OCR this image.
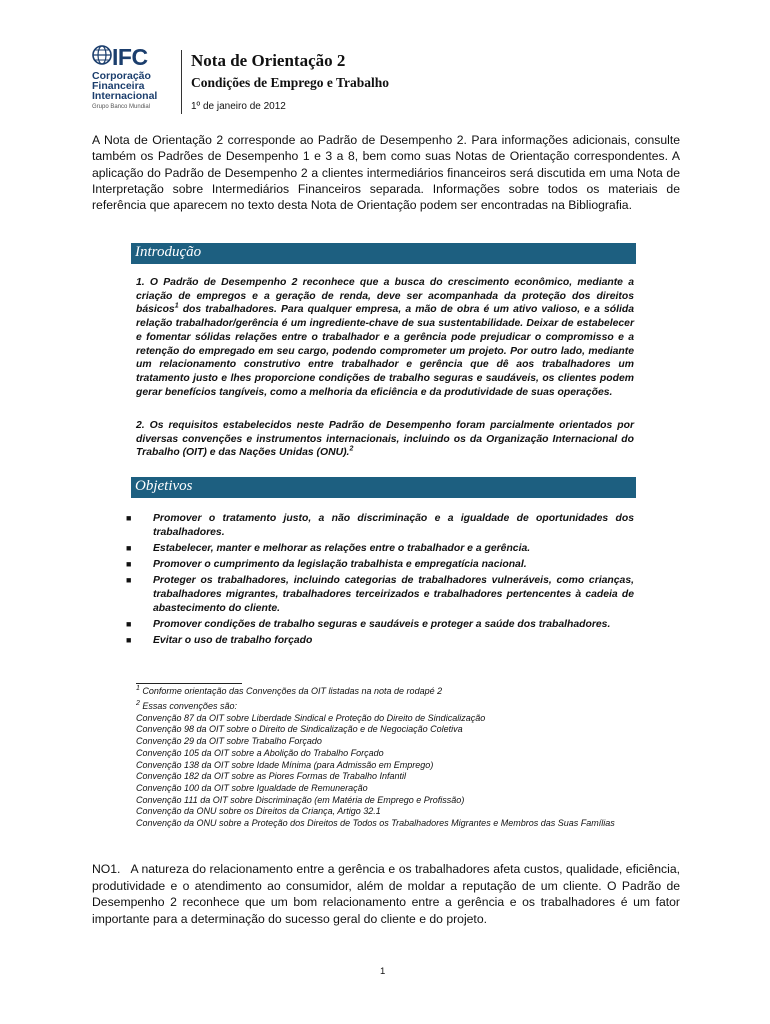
IFC
Corporação
Financeira
Internacional
Grupo Banco Mundial
Nota de Orientação 2
Condições de Emprego e Trabalho
1º de janeiro de 2012
A Nota de Orientação 2 corresponde ao Padrão de Desempenho 2. Para informações adicionais, consulte também os Padrões de Desempenho 1 e 3 a 8, bem como suas Notas de Orientação correspondentes. A aplicação do Padrão de Desempenho 2 a clientes intermediários financeiros será discutida em uma Nota de Interpretação sobre Intermediários Financeiros separada. Informações sobre todos os materiais de referência que aparecem no texto desta Nota de Orientação podem ser encontradas na Bibliografia.
Introdução
1. O Padrão de Desempenho 2 reconhece que a busca do crescimento econômico, mediante a criação de empregos e a geração de renda, deve ser acompanhada da proteção dos direitos básicos$^1$ dos trabalhadores. Para qualquer empresa, a mão de obra é um ativo valioso, e a sólida relação trabalhador/gerência é um ingrediente-chave de sua sustentabilidade. Deixar de estabelecer e fomentar sólidas relações entre o trabalhador e a gerência pode prejudicar o compromisso e a retenção do empregado em seu cargo, podendo comprometer um projeto. Por outro lado, mediante um relacionamento construtivo entre trabalhador e gerência que dê aos trabalhadores um tratamento justo e lhes proporcione condições de trabalho seguras e saudáveis, os clientes podem gerar benefícios tangíveis, como a melhoria da eficiência e da produtividade de suas operações.
2. Os requisitos estabelecidos neste Padrão de Desempenho foram parcialmente orientados por diversas convenções e instrumentos internacionais, incluindo os da Organização Internacional do Trabalho (OIT) e das Nações Unidas (ONU).$^2$
Objetivos
■ Promover o tratamento justo, a não discriminação e a igualdade de oportunidades dos trabalhadores.
■ Estabelecer, manter e melhorar as relações entre o trabalhador e a gerência.
■ Promover o cumprimento da legislação trabalhista e empregatícia nacional.
■ Proteger os trabalhadores, incluindo categorias de trabalhadores vulneráveis, como crianças, trabalhadores migrantes, trabalhadores terceirizados e trabalhadores pertencentes à cadeia de abastecimento do cliente.
■ Promover condições de trabalho seguras e saudáveis e proteger a saúde dos trabalhadores.
■ Evitar o uso de trabalho forçado
$^1$ Conforme orientação das Convenções da OIT listadas na nota de rodapé 2
$^2$ Essas convenções são:
Convenção 87 da OIT sobre Liberdade Sindical e Proteção do Direito de Sindicalização
Convenção 98 da OIT sobre o Direito de Sindicalização e de Negociação Coletiva
Convenção 29 da OIT sobre Trabalho Forçado
Convenção 105 da OIT sobre a Abolição do Trabalho Forçado
Convenção 138 da OIT sobre Idade Mínima (para Admissão em Emprego)
Convenção 182 da OIT sobre as Piores Formas de Trabalho Infantil
Convenção 100 da OIT sobre Igualdade de Remuneração
Convenção 111 da OIT sobre Discriminação (em Matéria de Emprego e Profissão)
Convenção da ONU sobre os Direitos da Criança, Artigo 32.1
Convenção da ONU sobre a Proteção dos Direitos de Todos os Trabalhadores Migrantes e Membros das Suas Famílias
NO1. A natureza do relacionamento entre a gerência e os trabalhadores afeta custos, qualidade, eficiência, produtividade e o atendimento ao consumidor, além de moldar a reputação de um cliente. O Padrão de Desempenho 2 reconhece que um bom relacionamento entre a gerência e os trabalhadores é um fator importante para a determinação do sucesso geral do cliente e do projeto.
1
